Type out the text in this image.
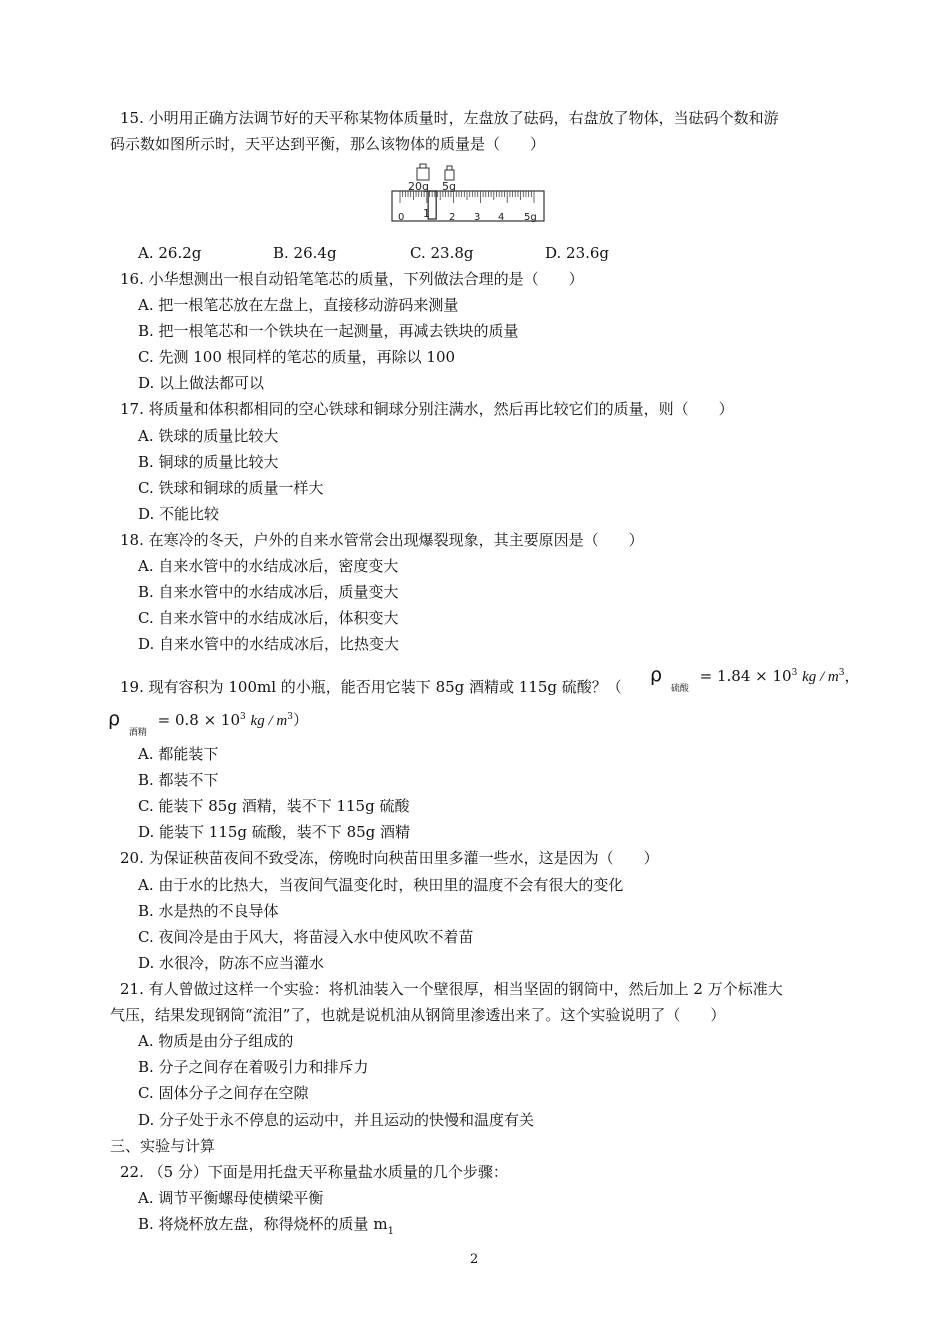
15. 小明用正确方法调节好的天平称某物体质量时，左盘放了砝码，右盘放了物体，当砝码个数和游
码示数如图所示时，天平达到平衡，那么该物体的质量是（　　）
20g 5g
0 1 2 3 4 5g
A. 26.2g	B. 26.4g	C. 23.8g	D. 23.6g
16. 小华想测出一根自动铅笔笔芯的质量，下列做法合理的是（　　）
A. 把一根笔芯放在左盘上，直接移动游码来测量
B. 把一根笔芯和一个铁块在一起测量，再减去铁块的质量
C. 先测 100 根同样的笔芯的质量，再除以 100
D. 以上做法都可以
17. 将质量和体积都相同的空心铁球和铜球分别注满水，然后再比较它们的质量，则（　　）
A. 铁球的质量比较大
B. 铜球的质量比较大
C. 铁球和铜球的质量一样大
D. 不能比较
18. 在寒冷的冬天，户外的自来水管常会出现爆裂现象，其主要原因是（　　）
A. 自来水管中的水结成冰后，密度变大
B. 自来水管中的水结成冰后，质量变大
C. 自来水管中的水结成冰后，体积变大
D. 自来水管中的水结成冰后，比热变大
19. 现有容积为 100ml 的小瓶，能否用它装下 85g 酒精或 115g 硫酸？（
ρ $_{硫酸} = 1.84 \times 10^3$ kg / $m^3$，
ρ $_{酒精} = 0.8 \times 10^3$ kg / $m^3$）
A. 都能装下
B. 都装不下
C. 能装下 85g 酒精，装不下 115g 硫酸
D. 能装下 115g 硫酸，装不下 85g 酒精
20. 为保证秧苗夜间不致受冻，傍晚时向秧苗田里多灌一些水，这是因为（　　）
A. 由于水的比热大，当夜间气温变化时，秧田里的温度不会有很大的变化
B. 水是热的不良导体
C. 夜间冷是由于风大，将苗浸入水中使风吹不着苗
D. 水很冷，防冻不应当灌水
21. 有人曾做过这样一个实验：将机油装入一个壁很厚，相当坚固的钢筒中，然后加上 2 万个标准大
气压，结果发现钢筒“流泪”了，也就是说机油从钢筒里渗透出来了。这个实验说明了（　　）
A. 物质是由分子组成的
B. 分子之间存在着吸引力和排斥力
C. 固体分子之间存在空隙
D. 分子处于永不停息的运动中，并且运动的快慢和温度有关
三、实验与计算
22. （5 分）下面是用托盘天平称量盐水质量的几个步骤：
A. 调节平衡螺母使横梁平衡
B. 将烧杯放左盘，称得烧杯的质量 $m_1$
2
